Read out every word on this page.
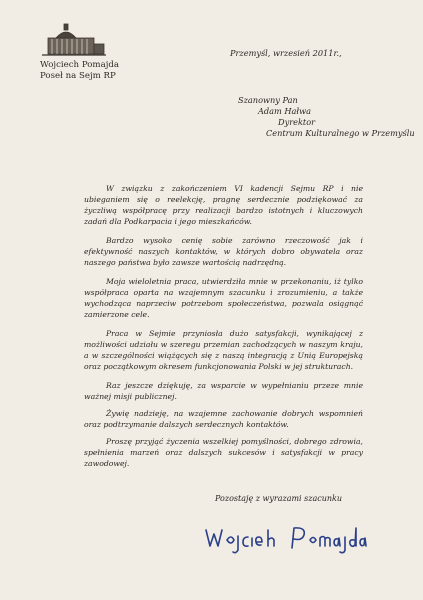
Wojciech Pomajda
Poseł na Sejm RP
Przemyśl, wrzesień 2011r.,
Szanowny Pan
Adam Hałwa
Dyrektor
Centrum Kulturalnego w Przemyślu

W związku z zakończeniem VI kadencji Sejmu RP i nie ubieganiem się o reelekcję, pragnę serdecznie podziękować za życzliwą współpracę przy realizacji bardzo istotnych i kluczowych zadań dla Podkarpacia i jego mieszkańców.

Bardzo wysoko cenię sobie zarówno rzeczowość jak i efektywność naszych kontaktów, w których dobro obywatela oraz naszego państwa było zawsze wartością nadrzędną.

Moja wieloletnia praca, utwierdziła mnie w przekonaniu, iż tylko współpraca oparta na wzajemnym szacunku i zrozumieniu, a także wychodząca naprzeciw potrzebom społeczeństwa, pozwala osiągnąć zamierzone cele.

Praca w Sejmie przyniosła dużo satysfakcji, wynikającej z możliwości udziału w szeregu przemian zachodzących w naszym kraju, a w szczególności wiążących się z naszą integracją z Unią Europejską oraz początkowym okresem funkcjonowania Polski w jej strukturach.

Raz jeszcze dziękuję, za wsparcie w wypełnianiu przeze mnie ważnej misji publicznej.

Żywię nadzieję, na wzajemne zachowanie dobrych wspomnień oraz podtrzymanie dalszych serdecznych kontaktów.

Proszę przyjąć życzenia wszelkiej pomyślności, dobrego zdrowia, spełnienia marzeń oraz dalszych sukcesów i satysfakcji w pracy zawodowej.

Pozostaję z wyrazami szacunku
